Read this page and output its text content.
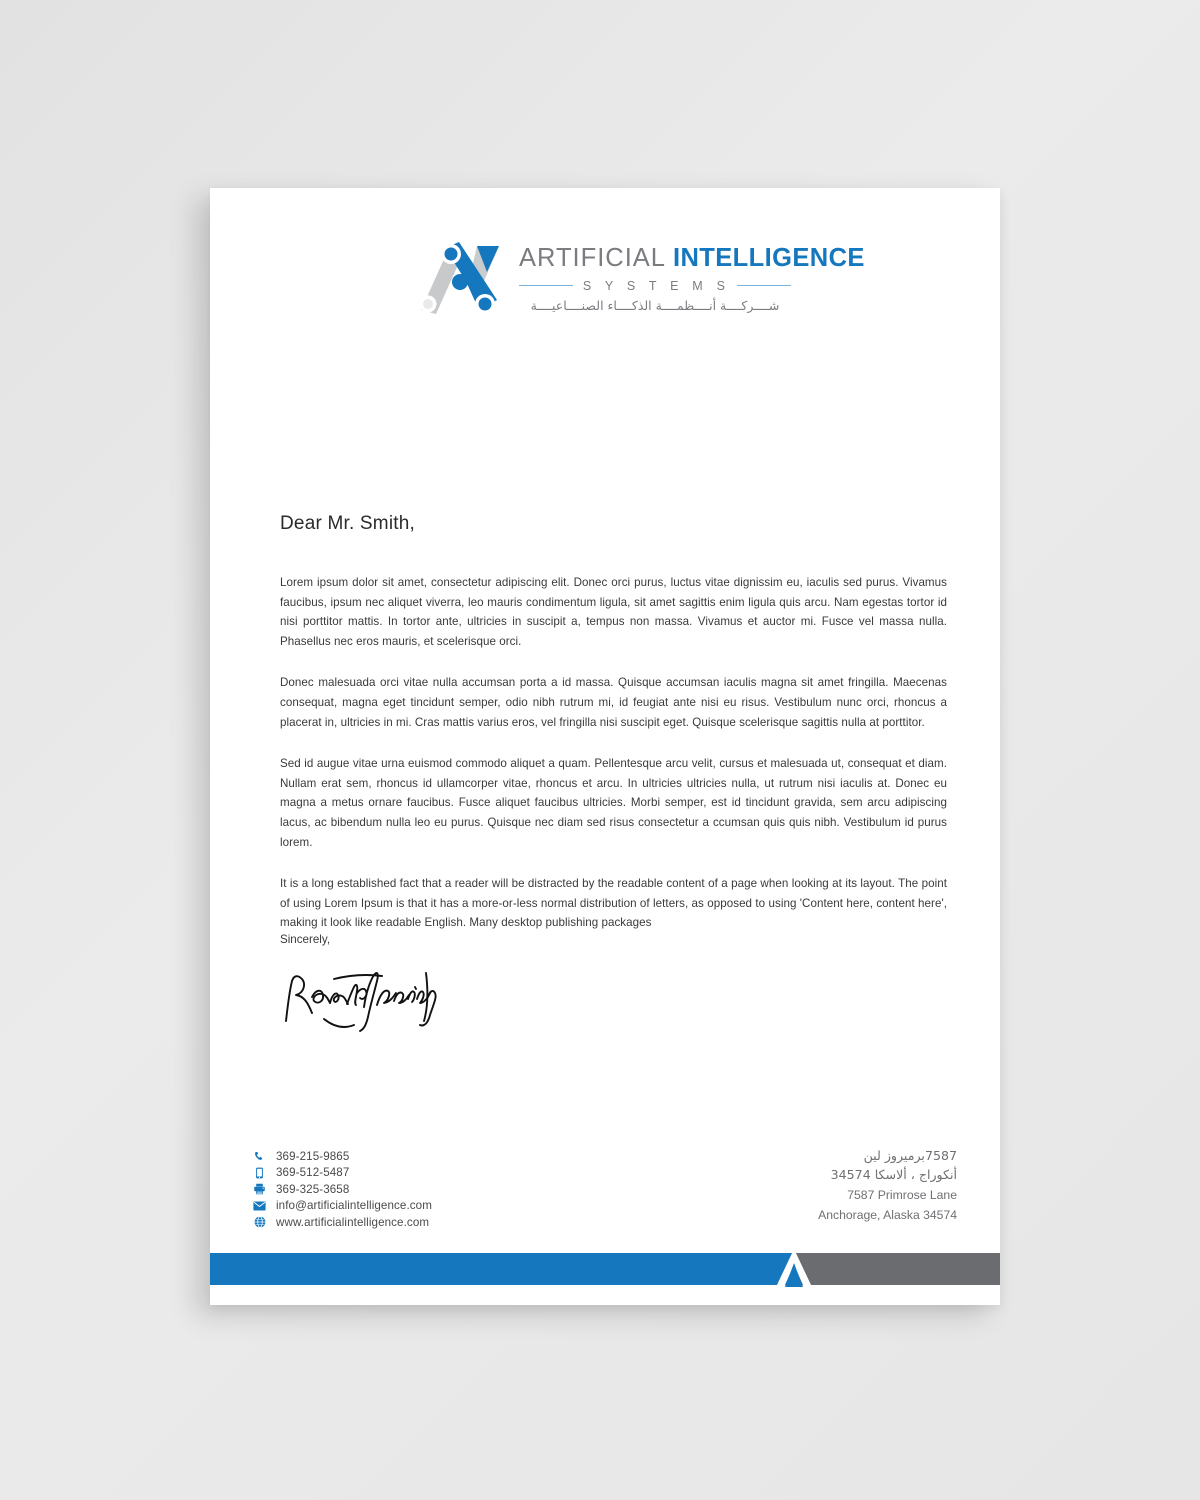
ARTIFICIAL INTELLIGENCE
S Y S T E M S
شــــركــــة أنــــظمــــة الذكــــاء الصنــــاعيــــة
Dear Mr. Smith,

Lorem ipsum dolor sit amet, consectetur adipiscing elit. Donec orci purus, luctus vitae dignissim eu, iaculis sed purus. Vivamus faucibus, ipsum nec aliquet viverra, leo mauris condimentum ligula, sit amet sagittis enim ligula quis arcu. Nam egestas tortor id nisi porttitor mattis. In tortor ante, ultricies in suscipit a, tempus non massa. Vivamus et auctor mi. Fusce vel massa nulla. Phasellus nec eros mauris, et scelerisque orci.

Donec malesuada orci vitae nulla accumsan porta a id massa. Quisque accumsan iaculis magna sit amet fringilla. Maecenas consequat, magna eget tincidunt semper, odio nibh rutrum mi, id feugiat ante nisi eu risus. Vestibulum nunc orci, rhoncus a placerat in, ultricies in mi. Cras mattis varius eros, vel fringilla nisi suscipit eget. Quisque scelerisque sagittis nulla at porttitor.

Sed id augue vitae urna euismod commodo aliquet a quam. Pellentesque arcu velit, cursus et malesuada ut, consequat et diam. Nullam erat sem, rhoncus id ullamcorper vitae, rhoncus et arcu. In ultricies ultricies nulla, ut rutrum nisi iaculis at. Donec eu magna a metus ornare faucibus. Fusce aliquet faucibus ultricies. Morbi semper, est id tincidunt gravida, sem arcu adipiscing lacus, ac bibendum nulla leo eu purus. Quisque nec diam sed risus consectetur a ccumsan quis quis nibh. Vestibulum id purus lorem.

It is a long established fact that a reader will be distracted by the readable content of a page when looking at its layout. The point of using Lorem Ipsum is that it has a more-or-less normal distribution of letters, as opposed to using 'Content here, content here', making it look like readable English. Many desktop publishing packages

Sincerely,
369-215-9865
369-512-5487
369-325-3658
info@artificialintelligence.com
www.artificialintelligence.com
7587برميروز لين
أنكوراج ، ألاسكا 34574
7587 Primrose Lane
Anchorage, Alaska 34574
